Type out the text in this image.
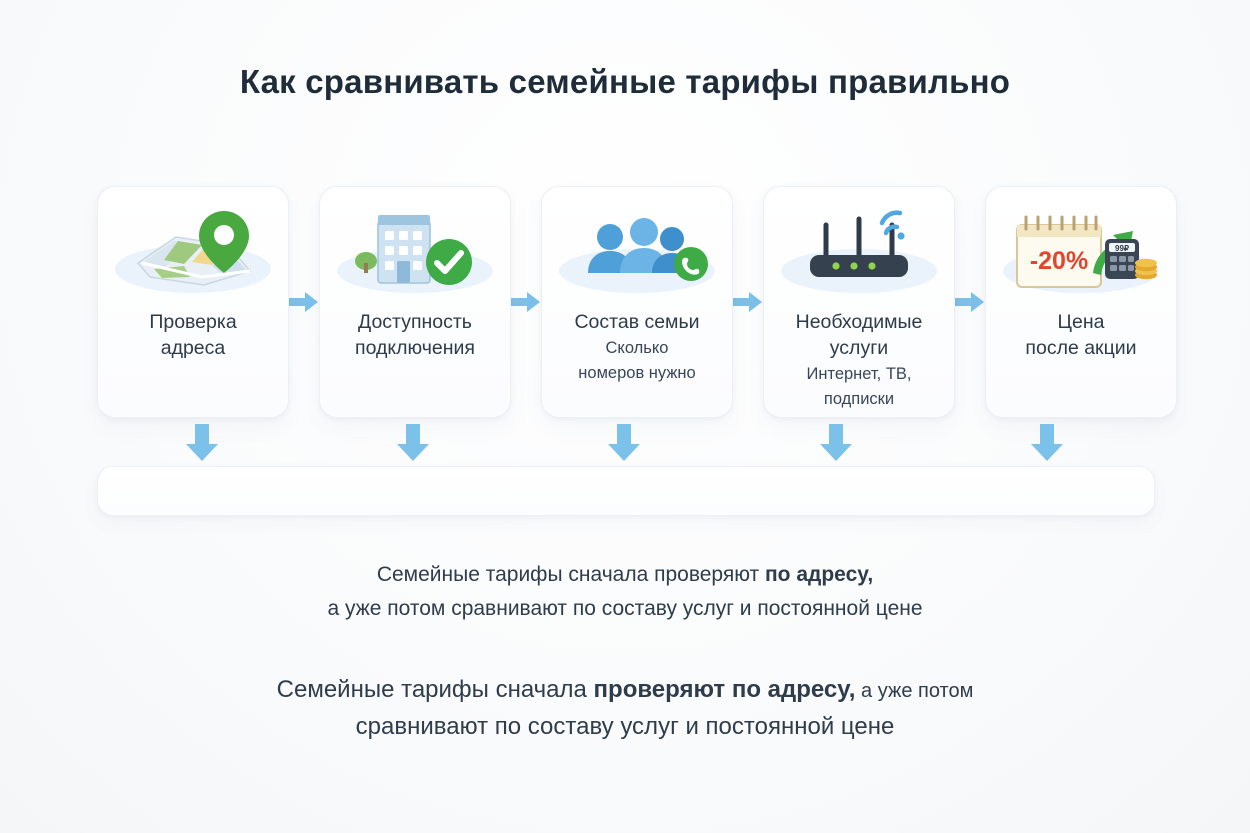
Как сравнивать семейные тарифы правильно
Проверка
адреса
Доступность
подключения
Состав семьи
Сколько
номеров нужно
Необходимые
услуги
Интернет, ТВ,
подписки
-20%	99₽
Цена
после акции
Семейные тарифы сначала проверяют по адресу,
а уже потом сравнивают по составу услуг и постоянной цене
Семейные тарифы сначала проверяют по адресу, а уже потом
сравнивают по составу услуг и постоянной цене
